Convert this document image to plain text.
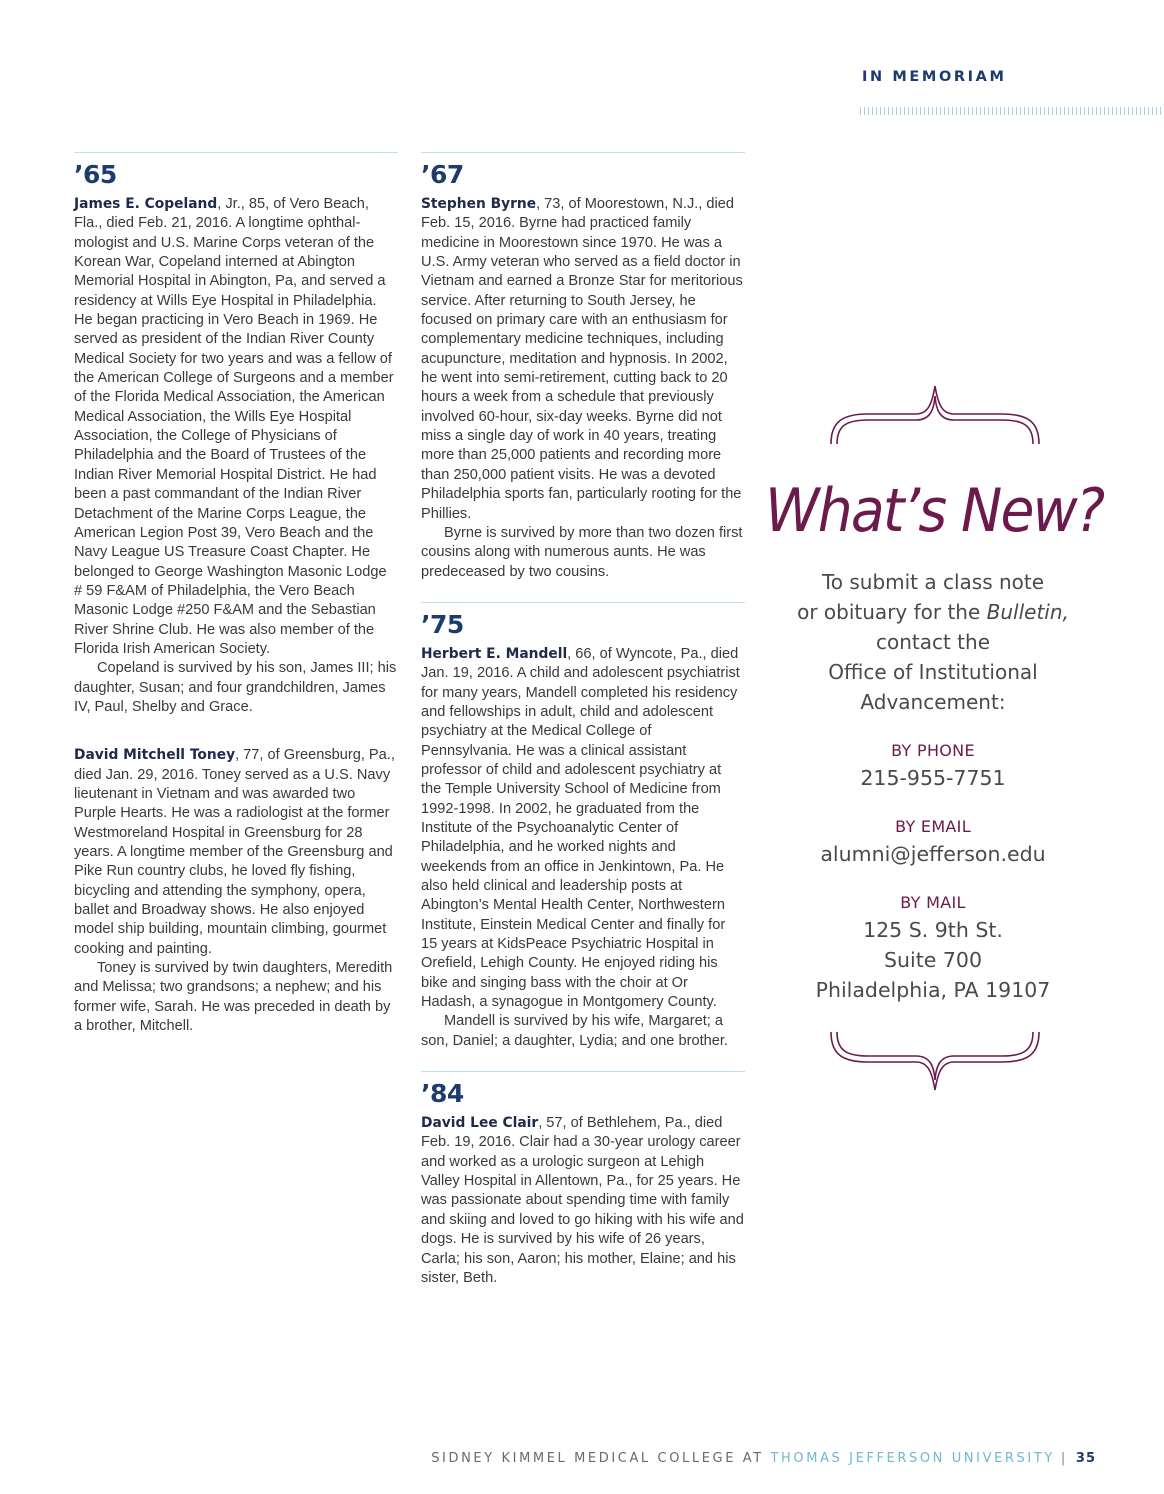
IN MEMORIAM
’65

James E. Copeland, Jr., 85, of Vero Beach, Fla., died Feb. 21, 2016. A longtime ophthalmologist and U.S. Marine Corps veteran of the Korean War, Copeland interned at Abington Memorial Hospital in Abington, Pa, and served a residency at Wills Eye Hospital in Philadelphia. He began practicing in Vero Beach in 1969. He served as president of the Indian River County Medical Society for two years and was a fellow of the American College of Surgeons and a member of the Florida Medical Association, the American Medical Association, the Wills Eye Hospital Association, the College of Physicians of Philadelphia and the Board of Trustees of the Indian River Memorial Hospital District. He had been a past commandant of the Indian River Detachment of the Marine Corps League, the American Legion Post 39, Vero Beach and the Navy League US Treasure Coast Chapter. He belonged to George Washington Masonic Lodge # 59 F&AM of Philadelphia, the Vero Beach Masonic Lodge #250 F&AM and the Sebastian River Shrine Club. He was also member of the Florida Irish American Society.

Copeland is survived by his son, James III; his daughter, Susan; and four grandchildren, James IV, Paul, Shelby and Grace.

David Mitchell Toney, 77, of Greensburg, Pa., died Jan. 29, 2016. Toney served as a U.S. Navy lieutenant in Vietnam and was awarded two Purple Hearts. He was a radiologist at the former Westmoreland Hospital in Greensburg for 28 years. A longtime member of the Greensburg and Pike Run country clubs, he loved fly fishing, bicycling and attending the symphony, opera, ballet and Broadway shows. He also enjoyed model ship building, mountain climbing, gourmet cooking and painting.

Toney is survived by twin daughters, Meredith and Melissa; two grandsons; a nephew; and his former wife, Sarah. He was preceded in death by a brother, Mitchell.

’67

Stephen Byrne, 73, of Moorestown, N.J., died Feb. 15, 2016. Byrne had practiced family medicine in Moorestown since 1970. He was a U.S. Army veteran who served as a field doctor in Vietnam and earned a Bronze Star for meritorious service. After returning to South Jersey, he focused on primary care with an enthusiasm for complementary medicine techniques, including acupuncture, meditation and hypnosis. In 2002, he went into semi-retirement, cutting back to 20 hours a week from a schedule that previously involved 60-hour, six-day weeks. Byrne did not miss a single day of work in 40 years, treating more than 25,000 patients and recording more than 250,000 patient visits. He was a devoted Philadelphia sports fan, particularly rooting for the Phillies.

Byrne is survived by more than two dozen first cousins along with numerous aunts. He was predeceased by two cousins.

’75

Herbert E. Mandell, 66, of Wyncote, Pa., died Jan. 19, 2016. A child and adolescent psychiatrist for many years, Mandell completed his residency and fellowships in adult, child and adolescent psychiatry at the Medical College of Pennsylvania. He was a clinical assistant professor of child and adolescent psychiatry at the Temple University School of Medicine from 1992-1998. In 2002, he graduated from the Institute of the Psychoanalytic Center of Philadelphia, and he worked nights and weekends from an office in Jenkintown, Pa. He also held clinical and leadership posts at Abington’s Mental Health Center, Northwestern Institute, Einstein Medical Center and finally for 15 years at KidsPeace Psychiatric Hospital in Orefield, Lehigh County. He enjoyed riding his bike and singing bass with the choir at Or Hadash, a synagogue in Montgomery County.

Mandell is survived by his wife, Margaret; a son, Daniel; a daughter, Lydia; and one brother.

’84

David Lee Clair, 57, of Bethlehem, Pa., died Feb. 19, 2016. Clair had a 30-year urology career and worked as a urologic surgeon at Lehigh Valley Hospital in Allentown, Pa., for 25 years. He was passionate about spending time with family and skiing and loved to go hiking with his wife and dogs. He is survived by his wife of 26 years, Carla; his son, Aaron; his mother, Elaine; and his sister, Beth.

What’s New?

To submit a class note

or obituary for the Bulletin,

contact the

Office of Institutional

Advancement:

BY PHONE
215-955-7751
BY EMAIL
alumni@jefferson.edu
BY MAIL
125 S. 9th St.
Suite 700
Philadelphia, PA 19107
SIDNEY KIMMEL MEDICAL COLLEGE AT THOMAS JEFFERSON UNIVERSITY | 35
